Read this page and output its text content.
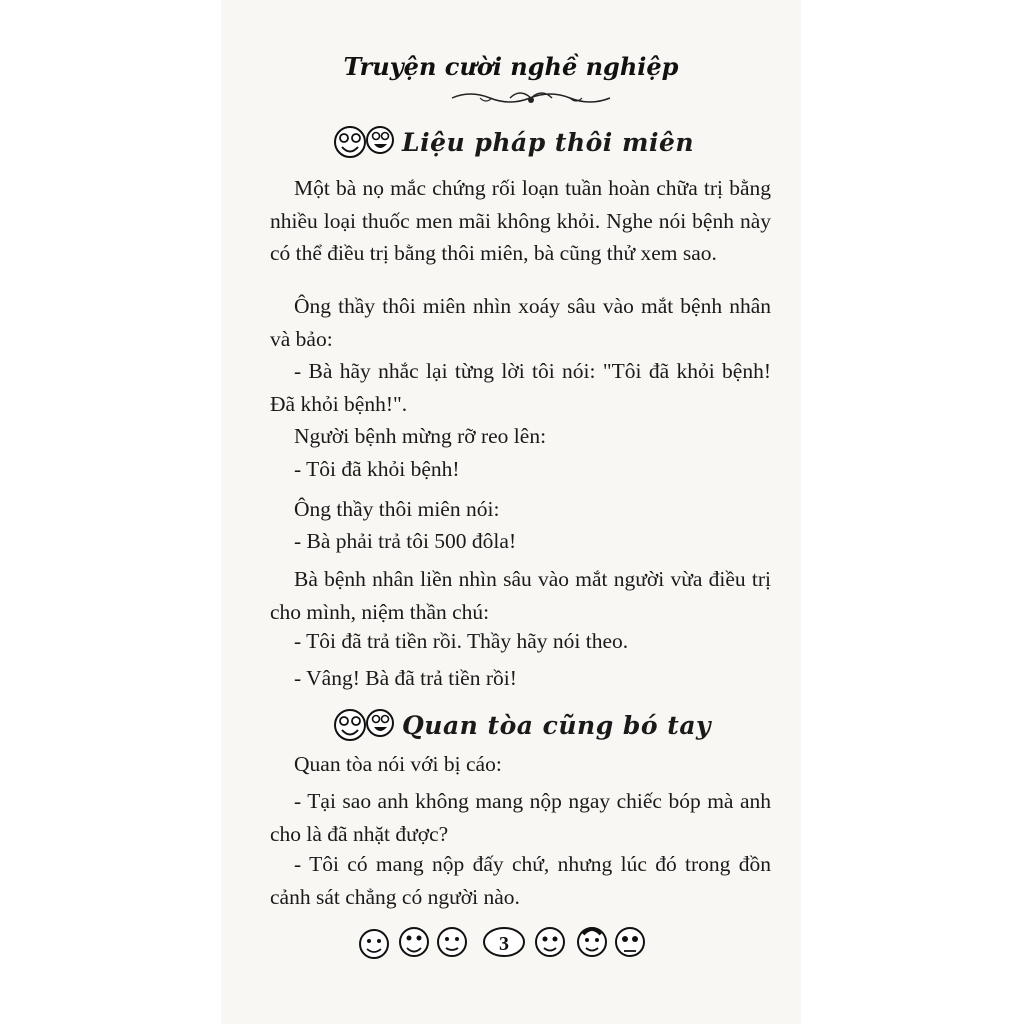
Truyện cười nghề nghiệp
Liệu pháp thôi miên

Một bà nọ mắc chứng rối loạn tuần hoàn chữa trị bằng nhiều loại thuốc men mãi không khỏi. Nghe nói bệnh này có thể điều trị bằng thôi miên, bà cũng thử xem sao.

Ông thầy thôi miên nhìn xoáy sâu vào mắt bệnh nhân và bảo:

- Bà hãy nhắc lại từng lời tôi nói: "Tôi đã khỏi bệnh! Đã khỏi bệnh!".

Người bệnh mừng rỡ reo lên:

- Tôi đã khỏi bệnh!

Ông thầy thôi miên nói:

- Bà phải trả tôi 500 đôla!

Bà bệnh nhân liền nhìn sâu vào mắt người vừa điều trị cho mình, niệm thần chú:

- Tôi đã trả tiền rồi. Thầy hãy nói theo.

- Vâng! Bà đã trả tiền rồi!

Quan tòa cũng bó tay

Quan tòa nói với bị cáo:

- Tại sao anh không mang nộp ngay chiếc bóp mà anh cho là đã nhặt được?

- Tôi có mang nộp đấy chứ, nhưng lúc đó trong đồn cảnh sát chẳng có người nào.

3
